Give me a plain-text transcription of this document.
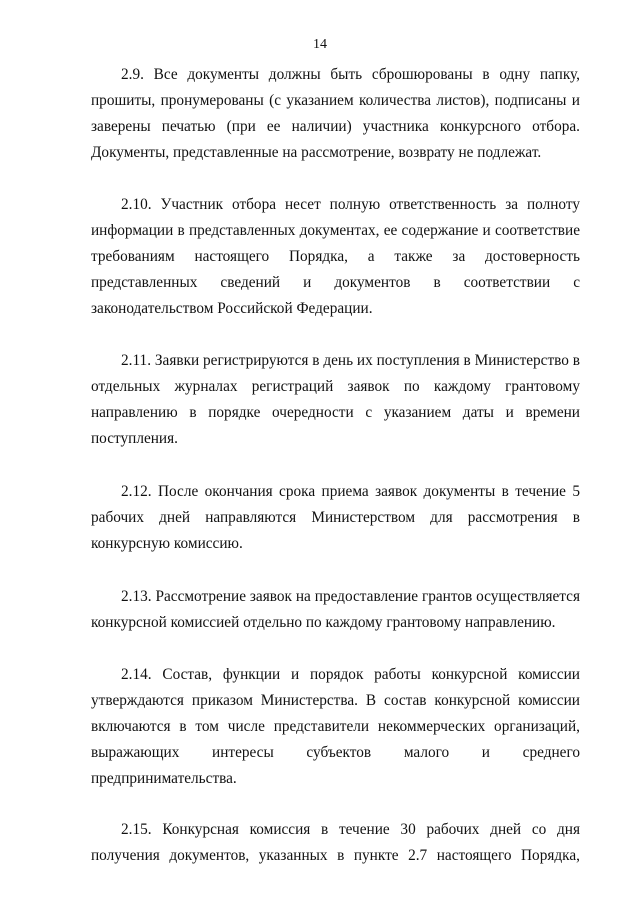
14
2.9. Все документы должны быть сброшюрованы в одну папку,
прошиты, пронумерованы (с указанием количества листов), подписаны и
заверены печатью (при ее наличии) участника конкурсного отбора.
Документы, представленные на рассмотрение, возврату не подлежат.
2.10. Участник отбора несет полную ответственность за полноту
информации в представленных документах, ее содержание и соответствие
требованиям настоящего Порядка, а также за достоверность
представленных сведений и документов в соответствии с
законодательством Российской Федерации.
2.11. Заявки регистрируются в день их поступления в Министерство в
отдельных журналах регистраций заявок по каждому грантовому
направлению в порядке очередности с указанием даты и времени
поступления.
2.12. После окончания срока приема заявок документы в течение 5
рабочих дней направляются Министерством для рассмотрения в
конкурсную комиссию.
2.13. Рассмотрение заявок на предоставление грантов осуществляется
конкурсной комиссией отдельно по каждому грантовому направлению.
2.14. Состав, функции и порядок работы конкурсной комиссии
утверждаются приказом Министерства. В состав конкурсной комиссии
включаются в том числе представители некоммерческих организаций,
выражающих интересы субъектов малого и среднего
предпринимательства.
2.15. Конкурсная комиссия в течение 30 рабочих дней со дня
получения документов, указанных в пункте 2.7 настоящего Порядка,
